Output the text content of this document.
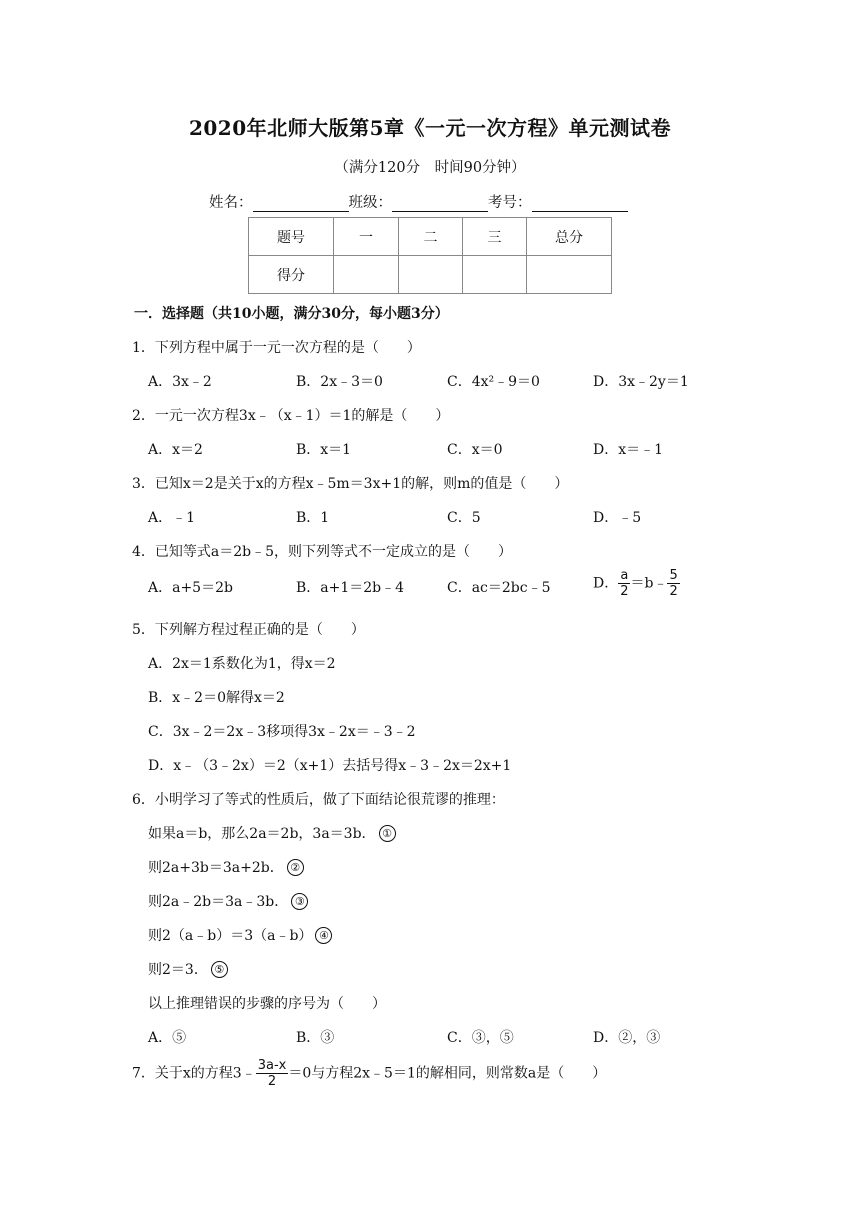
2020年北师大版第5章《一元一次方程》单元测试卷
（满分120分　时间90分钟）
姓名：	班级：	考号：
题号	一	二	三	总分
得分				
一．选择题（共10小题，满分30分，每小题3分）
1．下列方程中属于一元一次方程的是（　　）
A．3x﹣2	B．2x﹣3＝0	C．4x²﹣9＝0	D．3x﹣2y＝1
2．一元一次方程3x﹣（x﹣1）＝1的解是（　　）
A．x＝2	B．x＝1	C．x＝0	D．x＝﹣1
3．已知x＝2是关于x的方程x﹣5m＝3x+1的解，则m的值是（　　）
A．﹣1	B．1	C．5	D．﹣5
4．已知等式a＝2b﹣5，则下列等式不一定成立的是（　　）
A．a+5＝2b	B．a+1＝2b﹣4	C．ac＝2bc﹣5	D． $\frac{a}{2}$ ＝b﹣ $\frac{5}{2}$
5．下列解方程过程正确的是（　　）
A．2x＝1系数化为1，得x＝2
B．x﹣2＝0解得x＝2
C．3x﹣2＝2x﹣3移项得3x﹣2x＝﹣3﹣2
D．x﹣（3﹣2x）＝2（x+1）去括号得x﹣3﹣2x＝2x+1
6．小明学习了等式的性质后，做了下面结论很荒谬的推理：
如果a＝b，那么2a＝2b，3a＝3b． ①
则2a+3b＝3a+2b． ②
则2a﹣2b＝3a﹣3b． ③
则2（a﹣b）＝3（a﹣b） ④
则2＝3． ⑤
以上推理错误的步骤的序号为（　　）
A．⑤	B．③	C．③，⑤	D．②，③
7．关于x的方程3﹣ $\frac{3a-x}{2} =0$与方程2x﹣5＝1的解相同，则常数a是（　　）
